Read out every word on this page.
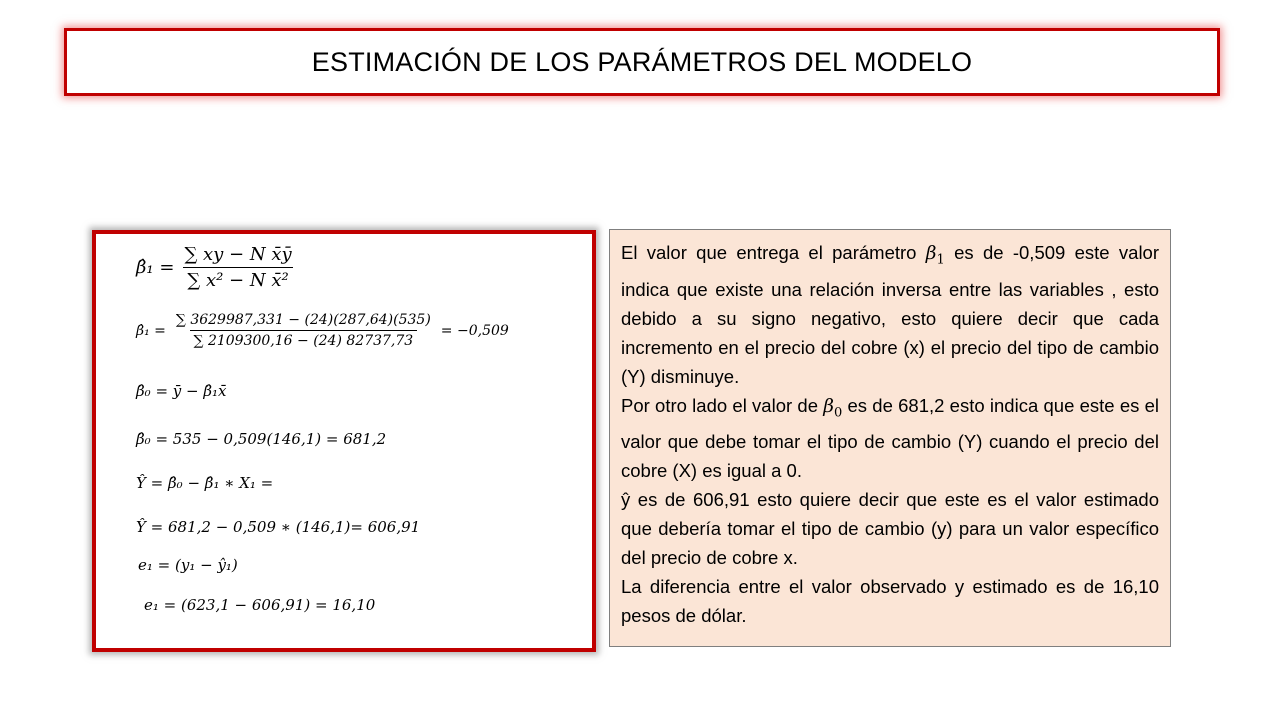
ESTIMACIÓN DE LOS PARÁMETROS DEL MODELO
β̂₁ = $\frac{\text{∑ xy − N x̄ȳ}}{\text{∑ x² − N x̄²}}$
β̂₁ = $\frac{\sum 3629987,331 - (24)(287,64)(535)}{\sum 2109300,16 - (24) 82737,73} = -0,509$
β̂₀ = ȳ − β̂₁x̄
β̂₀ = 535 − 0,509(146,1) = 681,2
Ŷ = β̂₀ − β̂₁ ∗ X₁ =
Ŷ = 681,2 − 0,509 ∗ (146,1)= 606,91
e₁ = (y₁ − ŷ₁)
e₁ = (623,1 − 606,91) = 16,10

El valor que entrega el parámetro $\beta_1$ es de -0,509 este valor indica que existe una relación inversa entre las variables , esto debido a su signo negativo, esto quiere decir que cada incremento en el precio del cobre (x) el precio del tipo de cambio (Y) disminuye.

Por otro lado el valor de $\beta_0$ es de 681,2 esto indica que este es el valor que debe tomar el tipo de cambio (Y) cuando el precio del cobre (X) es igual a 0.

ŷ es de 606,91 esto quiere decir que este es el valor estimado que debería tomar el tipo de cambio (y) para un valor específico del precio de cobre x.

La diferencia entre el valor observado y estimado es de 16,10 pesos de dólar.
